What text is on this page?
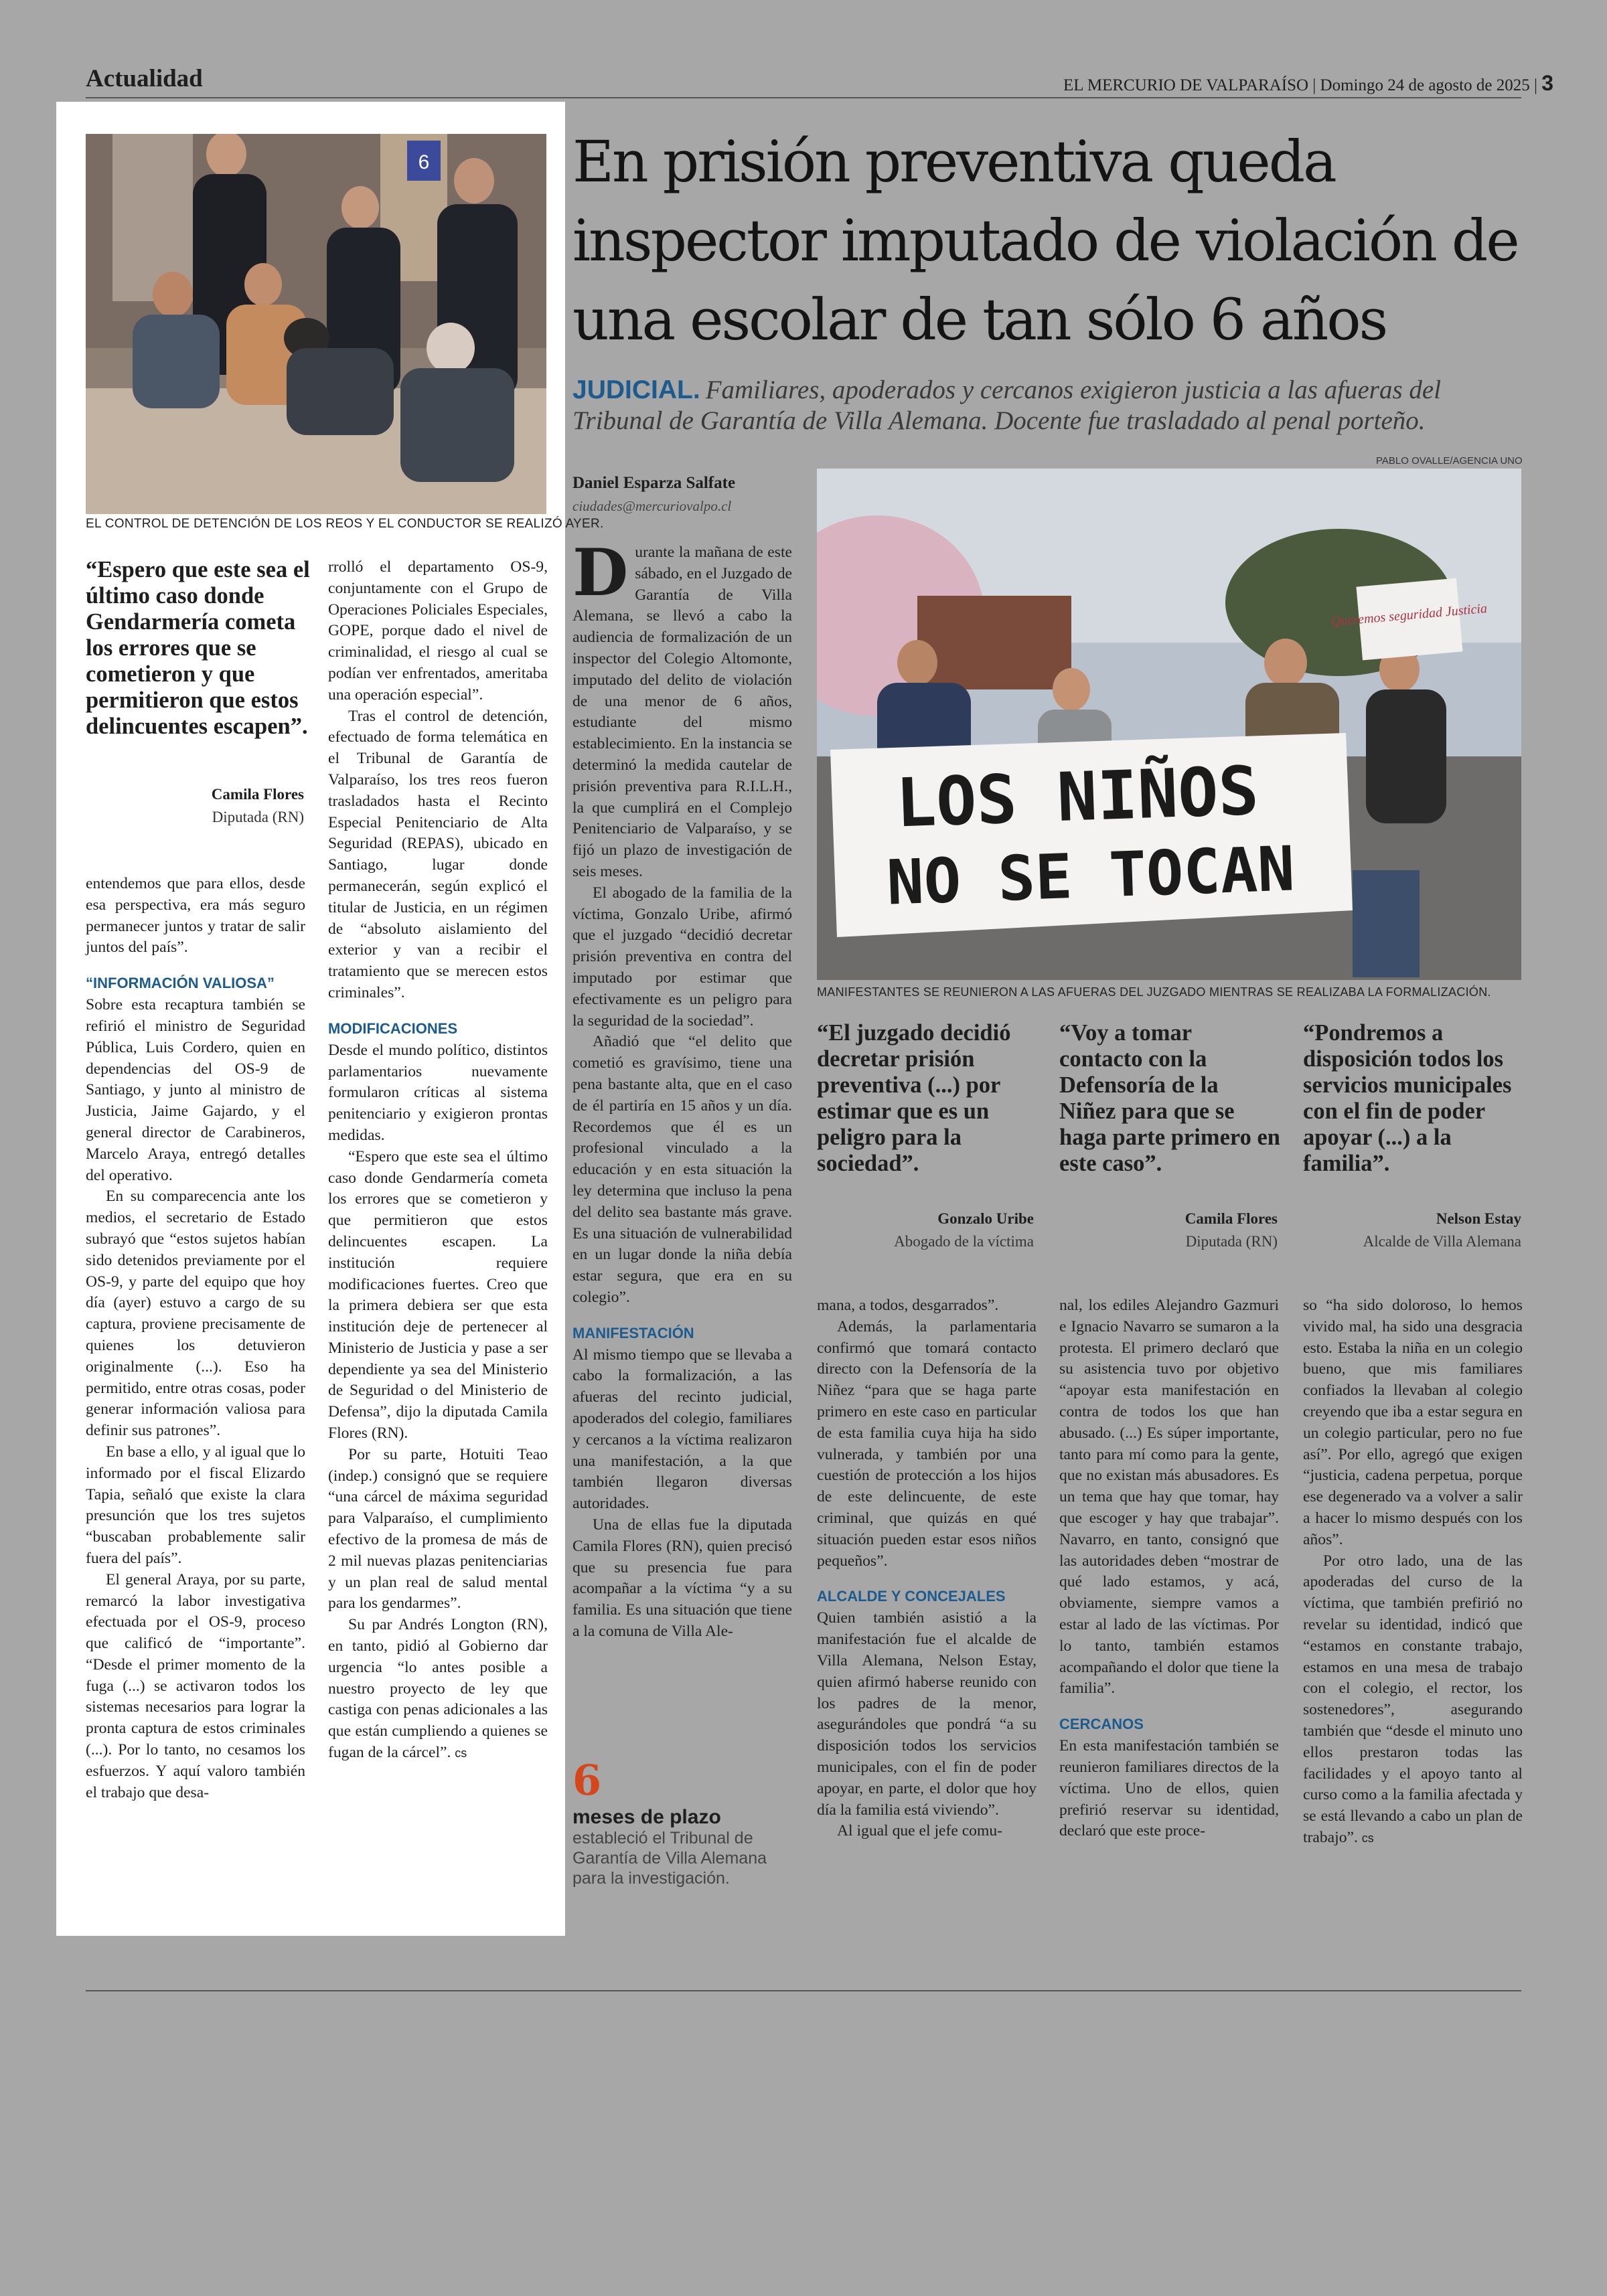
Actualidad	EL MERCURIO DE VALPARAÍSO | Domingo 24 de agosto de 2025 | 3
6
EL CONTROL DE DETENCIÓN DE LOS REOS Y EL CONDUCTOR SE REALIZÓ AYER.
“Espero que este sea el último caso donde Gendarmería cometa los errores que se cometieron y que permitieron que estos delincuentes escapen”.
Camila Flores
Diputada (RN)

entendemos que para ellos, desde esa perspectiva, era más seguro permanecer juntos y tratar de salir juntos del país”.

“INFORMACIÓN VALIOSA”

Sobre esta recaptura también se refirió el ministro de Seguridad Pública, Luis Cordero, quien en dependencias del OS-9 de Santiago, y junto al ministro de Justicia, Jaime Gajardo, y el general director de Carabineros, Marcelo Araya, entregó detalles del operativo.

En su comparecencia ante los medios, el secretario de Estado subrayó que “estos sujetos habían sido detenidos previamente por el OS-9, y parte del equipo que hoy día (ayer) estuvo a cargo de su captura, proviene precisamente de quienes los detuvieron originalmente (...). Eso ha permitido, entre otras cosas, poder generar información valiosa para definir sus patrones”.

En base a ello, y al igual que lo informado por el fiscal Elizardo Tapia, señaló que existe la clara presunción que los tres sujetos “buscaban probablemente salir fuera del país”.

El general Araya, por su parte, remarcó la labor investigativa efectuada por el OS-9, proceso que calificó de “importante”. “Desde el primer momento de la fuga (...) se activaron todos los sistemas necesarios para lograr la pronta captura de estos criminales (...). Por lo tanto, no cesamos los esfuerzos. Y aquí valoro también el trabajo que desa-

rrolló el departamento OS-9, conjuntamente con el Grupo de Operaciones Policiales Especiales, GOPE, porque dado el nivel de criminalidad, el riesgo al cual se podían ver enfrentados, ameritaba una operación especial”.

Tras el control de detención, efectuado de forma telemática en el Tribunal de Garantía de Valparaíso, los tres reos fueron trasladados hasta el Recinto Especial Penitenciario de Alta Seguridad (REPAS), ubicado en Santiago, lugar donde permanecerán, según explicó el titular de Justicia, en un régimen de “absoluto aislamiento del exterior y van a recibir el tratamiento que se merecen estos criminales”.

MODIFICACIONES

Desde el mundo político, distintos parlamentarios nuevamente formularon críticas al sistema penitenciario y exigieron prontas medidas.

“Espero que este sea el último caso donde Gendarmería cometa los errores que se cometieron y que permitieron que estos delincuentes escapen. La institución requiere modificaciones fuertes. Creo que la primera debiera ser que esta institución deje de pertenecer al Ministerio de Justicia y pase a ser dependiente ya sea del Ministerio de Seguridad o del Ministerio de Defensa”, dijo la diputada Camila Flores (RN).

Por su parte, Hotuiti Teao (indep.) consignó que se requiere “una cárcel de máxima seguridad para Valparaíso, el cumplimiento efectivo de la promesa de más de 2 mil nuevas plazas penitenciarias y un plan real de salud mental para los gendarmes”.

Su par Andrés Longton (RN), en tanto, pidió al Gobierno dar urgencia “lo antes posible a nuestro proyecto de ley que castiga con penas adicionales a las que están cumpliendo a quienes se fugan de la cárcel”. cs

En prisión preventiva queda inspector imputado de violación de una escolar de tan sólo 6 años
JUDICIAL. Familiares, apoderados y cercanos exigieron justicia a las afueras del Tribunal de Garantía de Villa Alemana. Docente fue trasladado al penal porteño.
Daniel Esparza Salfate
ciudades@mercuriovalpo.cl
PABLO OVALLE/AGENCIA UNO
Queremos seguridad Justicia
LOS NIÑOS
NO SE TOCAN
MANIFESTANTES SE REUNIERON A LAS AFUERAS DEL JUZGADO MIENTRAS SE REALIZABA LA FORMALIZACIÓN.

Durante la mañana de este sábado, en el Juzgado de Garantía de Villa Alemana, se llevó a cabo la audiencia de formalización de un inspector del Colegio Altomonte, imputado del delito de violación de una menor de 6 años, estudiante del mismo establecimiento. En la instancia se determinó la medida cautelar de prisión preventiva para R.I.L.H., la que cumplirá en el Complejo Penitenciario de Valparaíso, y se fijó un plazo de investigación de seis meses.

El abogado de la familia de la víctima, Gonzalo Uribe, afirmó que el juzgado “decidió decretar prisión preventiva en contra del imputado por estimar que efectivamente es un peligro para la seguridad de la sociedad”.

Añadió que “el delito que cometió es gravísimo, tiene una pena bastante alta, que en el caso de él partiría en 15 años y un día. Recordemos que él es un profesional vinculado a la educación y en esta situación la ley determina que incluso la pena del delito sea bastante más grave. Es una situación de vulnerabilidad en un lugar donde la niña debía estar segura, que era en su colegio”.

MANIFESTACIÓN

Al mismo tiempo que se llevaba a cabo la formalización, a las afueras del recinto judicial, apoderados del colegio, familiares y cercanos a la víctima realizaron una manifestación, a la que también llegaron diversas autoridades.

Una de ellas fue la diputada Camila Flores (RN), quien precisó que su presencia fue para acompañar a la víctima “y a su familia. Es una situación que tiene a la comuna de Villa Ale-

6
meses de plazo estableció el Tribunal de Garantía de Villa Alemana para la investigación.
“El juzgado decidió decretar prisión preventiva (...) por estimar que es un peligro para la sociedad”.
Gonzalo Uribe
Abogado de la víctima
“Voy a tomar contacto con la Defensoría de la Niñez para que se haga parte primero en este caso”.
Camila Flores
Diputada (RN)
“Pondremos a disposición todos los servicios municipales con el fin de poder apoyar (...) a la familia”.
Nelson Estay
Alcalde de Villa Alemana

mana, a todos, desgarrados”.

Además, la parlamentaria confirmó que tomará contacto directo con la Defensoría de la Niñez “para que se haga parte primero en este caso en particular de esta familia cuya hija ha sido vulnerada, y también por una cuestión de protección a los hijos de este delincuente, de este criminal, que quizás en qué situación pueden estar esos niños pequeños”.

ALCALDE Y CONCEJALES

Quien también asistió a la manifestación fue el alcalde de Villa Alemana, Nelson Estay, quien afirmó haberse reunido con los padres de la menor, asegurándoles que pondrá “a su disposición todos los servicios municipales, con el fin de poder apoyar, en parte, el dolor que hoy día la familia está viviendo”.

Al igual que el jefe comu-

nal, los ediles Alejandro Gazmuri e Ignacio Navarro se sumaron a la protesta. El primero declaró que su asistencia tuvo por objetivo “apoyar esta manifestación en contra de todos los que han abusado. (...) Es súper importante, tanto para mí como para la gente, que no existan más abusadores. Es un tema que hay que tomar, hay que escoger y hay que trabajar”. Navarro, en tanto, consignó que las autoridades deben “mostrar de qué lado estamos, y acá, obviamente, siempre vamos a estar al lado de las víctimas. Por lo tanto, también estamos acompañando el dolor que tiene la familia”.

CERCANOS

En esta manifestación también se reunieron familiares directos de la víctima. Uno de ellos, quien prefirió reservar su identidad, declaró que este proce-

so “ha sido doloroso, lo hemos vivido mal, ha sido una desgracia esto. Estaba la niña en un colegio bueno, que mis familiares confiados la llevaban al colegio creyendo que iba a estar segura en un colegio particular, pero no fue así”. Por ello, agregó que exigen “justicia, cadena perpetua, porque ese degenerado va a volver a salir a hacer lo mismo después con los años”.

Por otro lado, una de las apoderadas del curso de la víctima, que también prefirió no revelar su identidad, indicó que “estamos en constante trabajo, estamos en una mesa de trabajo con el colegio, el rector, los sostenedores”, asegurando también que “desde el minuto uno ellos prestaron todas las facilidades y el apoyo tanto al curso como a la familia afectada y se está llevando a cabo un plan de trabajo”. cs
